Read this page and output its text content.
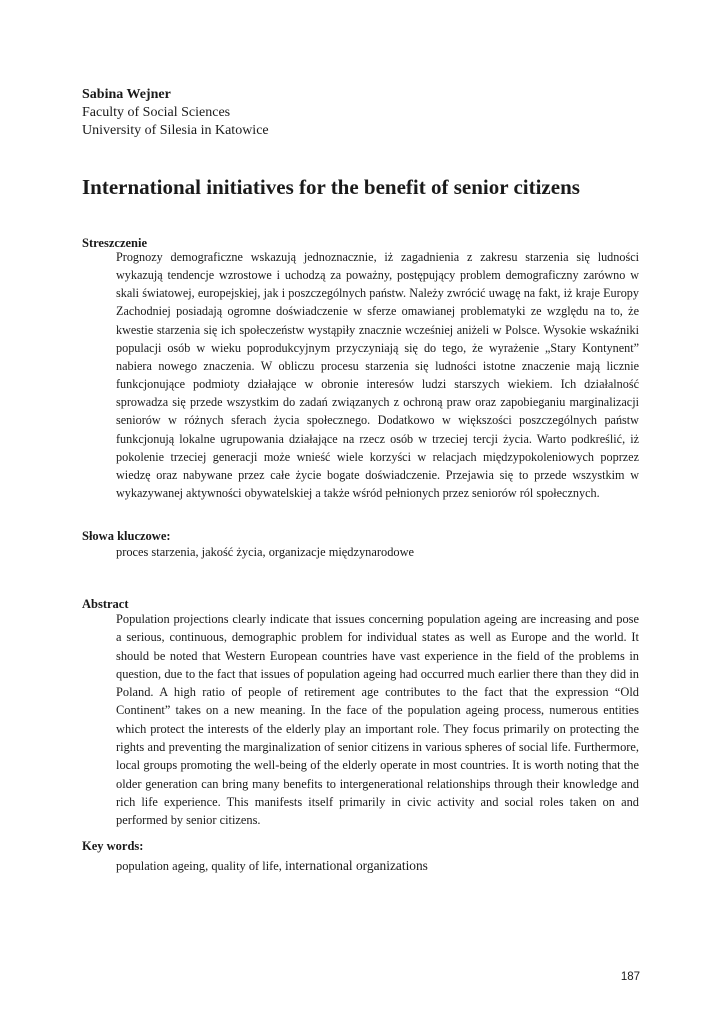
Sabina Wejner
Faculty of Social Sciences
University of Silesia in Katowice
International initiatives for the benefit of senior citizens
Streszczenie

Prognozy demograficzne wskazują jednoznacznie, iż zagadnienia z zakresu starzenia się ludności wykazują tendencje wzrostowe i uchodzą za poważny, postępujący problem demograficzny zarówno w skali światowej, europejskiej, jak i poszczególnych państw. Należy zwrócić uwagę na fakt, iż kraje Europy Zachodniej posiadają ogromne doświadczenie w sferze omawianej problematyki ze względu na to, że kwestie starzenia się ich społeczeństw wystąpiły znacznie wcześniej aniżeli w Polsce. Wysokie wskaźniki populacji osób w wieku poprodukcyjnym przyczyniają się do tego, że wyrażenie „Stary Kontynent” nabiera nowego znaczenia. W obliczu procesu starzenia się ludności istotne znaczenie mają licznie funkcjonujące podmioty działające w obronie interesów ludzi starszych wiekiem. Ich działalność sprowadza się przede wszystkim do zadań związanych z ochroną praw oraz zapobieganiu marginalizacji seniorów w różnych sferach życia społecznego. Dodatkowo w większości poszczególnych państw funkcjonują lokalne ugrupowania działające na rzecz osób w trzeciej tercji życia. Warto podkreślić, iż pokolenie trzeciej generacji może wnieść wiele korzyści w relacjach międzypokoleniowych poprzez wiedzę oraz nabywane przez całe życie bogate doświadczenie. Przejawia się to przede wszystkim w wykazywanej aktywności obywatelskiej a także wśród pełnionych przez seniorów ról społecznych.

Słowa kluczowe:

proces starzenia, jakość życia, organizacje międzynarodowe

Abstract

Population projections clearly indicate that issues concerning population ageing are increasing and pose a serious, continuous, demographic problem for individual states as well as Europe and the world. It should be noted that Western European countries have vast experience in the field of the problems in question, due to the fact that issues of population ageing had occurred much earlier there than they did in Poland. A high ratio of people of retirement age contributes to the fact that the expression “Old Continent” takes on a new meaning. In the face of the population ageing process, numerous entities which protect the interests of the elderly play an important role. They focus primarily on protecting the rights and preventing the marginalization of senior citizens in various spheres of social life. Furthermore, local groups promoting the well-being of the elderly operate in most countries. It is worth noting that the older generation can bring many benefits to intergenerational relationships through their knowledge and rich life experience. This manifests itself primarily in civic activity and social roles taken on and performed by senior citizens.

Key words:

population ageing, quality of life, international organizations

187
